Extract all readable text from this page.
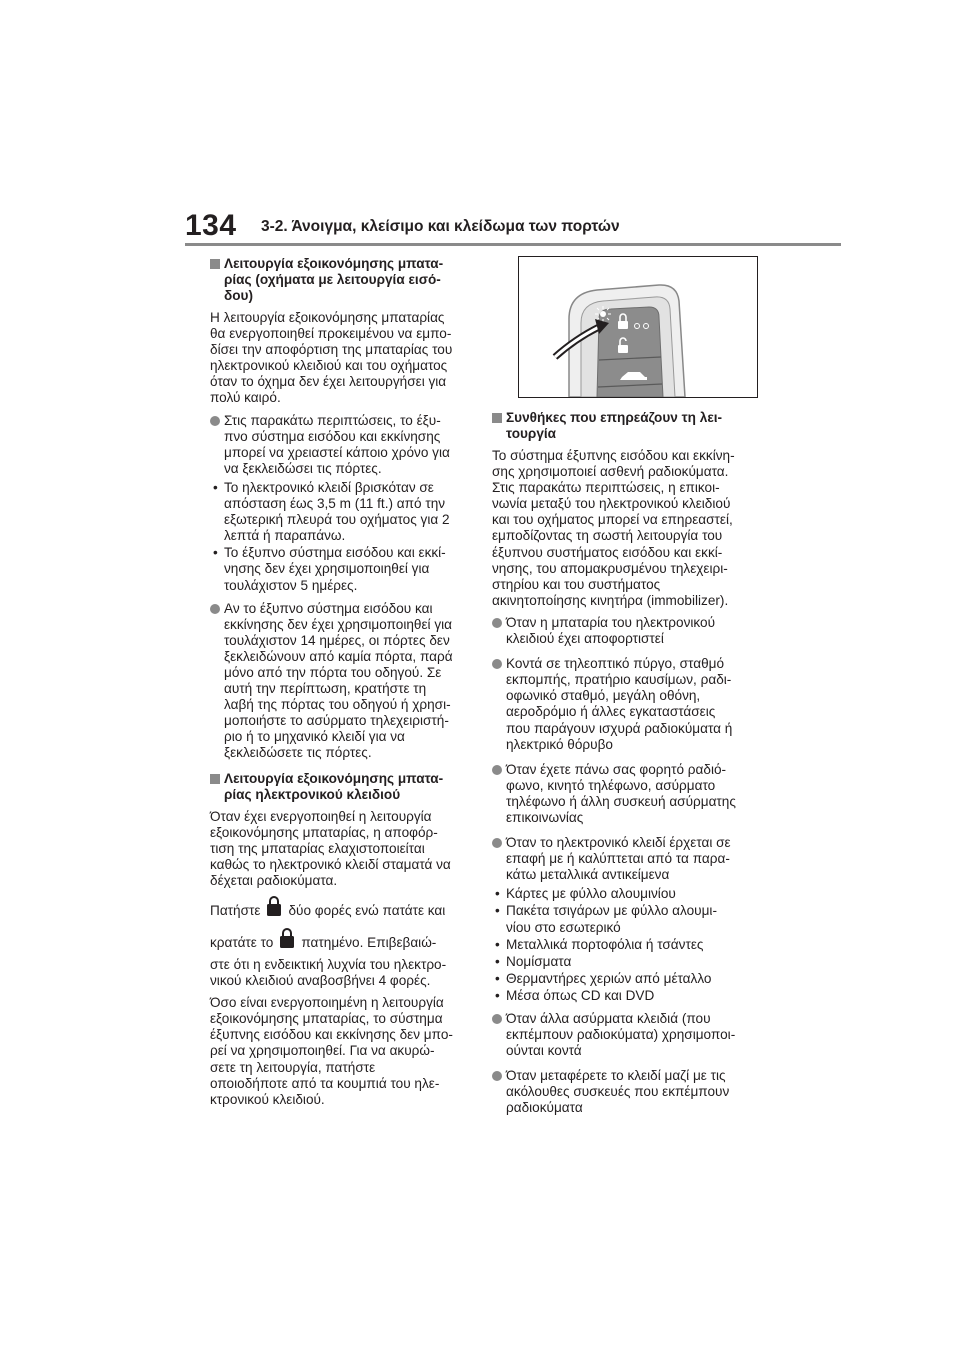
134 3-2. Άνοιγμα, κλείσιμο και κλείδωμα των πορτών
Λειτουργία εξοικονόμησης μπατα-
ρίας (οχήματα με λειτουργία εισό-
δου)
Η λειτουργία εξοικονόμησης μπαταρίας
θα ενεργοποιηθεί προκειμένου να εμπο-
δίσει την αποφόρτιση της μπαταρίας του
ηλεκτρονικού κλειδιού και του οχήματος
όταν το όχημα δεν έχει λειτουργήσει για
πολύ καιρό.
Στις παρακάτω περιπτώσεις, το έξυ-
πνο σύστημα εισόδου και εκκίνησης
μπορεί να χρειαστεί κάποιο χρόνο για
να ξεκλειδώσει τις πόρτες.
• Το ηλεκτρονικό κλειδί βρισκόταν σε
απόσταση έως 3,5 m (11 ft.) από την
εξωτερική πλευρά του οχήματος για 2
λεπτά ή παραπάνω.
• Το έξυπνο σύστημα εισόδου και εκκί-
νησης δεν έχει χρησιμοποιηθεί για
τουλάχιστον 5 ημέρες.
Αν το έξυπνο σύστημα εισόδου και
εκκίνησης δεν έχει χρησιμοποιηθεί για
τουλάχιστον 14 ημέρες, οι πόρτες δεν
ξεκλειδώνουν από καμία πόρτα, παρά
μόνο από την πόρτα του οδηγού. Σε
αυτή την περίπτωση, κρατήστε τη
λαβή της πόρτας του οδηγού ή χρησι-
μοποιήστε το ασύρματο τηλεχειριστή-
ριο ή το μηχανικό κλειδί για να
ξεκλειδώσετε τις πόρτες.
Λειτουργία εξοικονόμησης μπατα-
ρίας ηλεκτρονικού κλειδιού
Όταν έχει ενεργοποιηθεί η λειτουργία
εξοικονόμησης μπαταρίας, η αποφόρ-
τιση της μπαταρίας ελαχιστοποιείται
καθώς το ηλεκτρονικό κλειδί σταματά να
δέχεται ραδιοκύματα.
Πατήστε δύο φορές ενώ πατάτε και
κρατάτε το πατημένο. Επιβεβαιώ-
στε ότι η ενδεικτική λυχνία του ηλεκτρο-
νικού κλειδιού αναβοσβήνει 4 φορές.
Όσο είναι ενεργοποιημένη η λειτουργία
εξοικονόμησης μπαταρίας, το σύστημα
έξυπνης εισόδου και εκκίνησης δεν μπο-
ρεί να χρησιμοποιηθεί. Για να ακυρώ-
σετε τη λειτουργία, πατήστε
οποιοδήποτε από τα κουμπιά του ηλε-
κτρονικού κλειδιού.
Συνθήκες που επηρεάζουν τη λει-
τουργία
Το σύστημα έξυπνης εισόδου και εκκίνη-
σης χρησιμοποιεί ασθενή ραδιοκύματα.
Στις παρακάτω περιπτώσεις, η επικοι-
νωνία μεταξύ του ηλεκτρονικού κλειδιού
και του οχήματος μπορεί να επηρεαστεί,
εμποδίζοντας τη σωστή λειτουργία του
έξυπνου συστήματος εισόδου και εκκί-
νησης, του απομακρυσμένου τηλεχειρι-
στηρίου και του συστήματος
ακινητοποίησης κινητήρα (immobilizer).
Όταν η μπαταρία του ηλεκτρονικού
κλειδιού έχει αποφορτιστεί
Κοντά σε τηλεοπτικό πύργο, σταθμό
εκπομπής, πρατήριο καυσίμων, ραδι-
οφωνικό σταθμό, μεγάλη οθόνη,
αεροδρόμιο ή άλλες εγκαταστάσεις
που παράγουν ισχυρά ραδιοκύματα ή
ηλεκτρικό θόρυβο
Όταν έχετε πάνω σας φορητό ραδιό-
φωνο, κινητό τηλέφωνο, ασύρματο
τηλέφωνο ή άλλη συσκευή ασύρματης
επικοινωνίας
Όταν το ηλεκτρονικό κλειδί έρχεται σε
επαφή με ή καλύπτεται από τα παρα-
κάτω μεταλλικά αντικείμενα
• Κάρτες με φύλλο αλουμινίου
• Πακέτα τσιγάρων με φύλλο αλουμι-
νίου στο εσωτερικό
• Μεταλλικά πορτοφόλια ή τσάντες
• Νομίσματα
• Θερμαντήρες χεριών από μέταλλο
• Μέσα όπως CD και DVD
Όταν άλλα ασύρματα κλειδιά (που
εκπέμπουν ραδιοκύματα) χρησιμοποι-
ούνται κοντά
Όταν μεταφέρετε το κλειδί μαζί με τις
ακόλουθες συσκευές που εκπέμπουν
ραδιοκύματα
